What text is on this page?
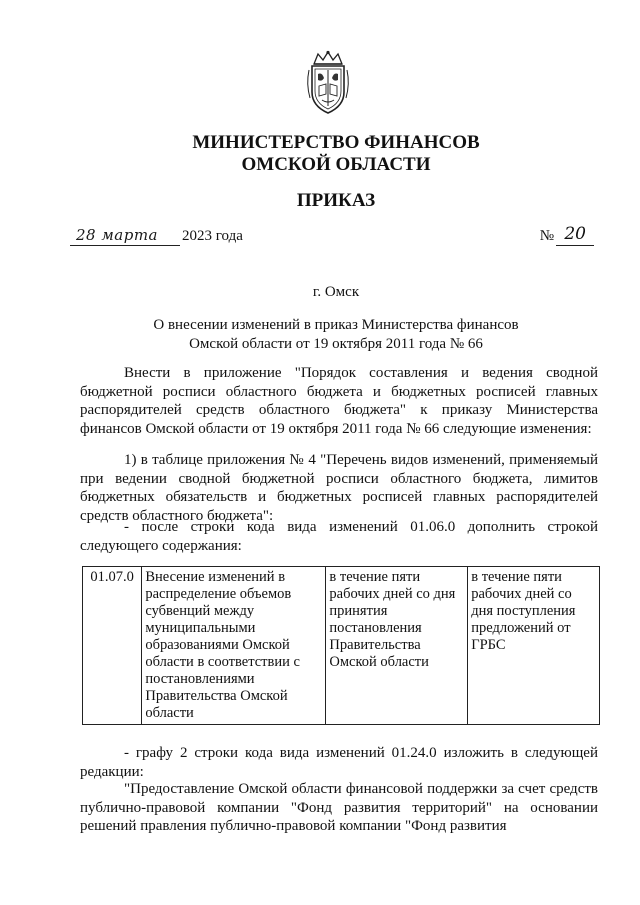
МИНИСТЕРСТВО ФИНАНСОВ
ОМСКОЙ ОБЛАСТИ
ПРИКАЗ
28 марта 2023 года	№ 20
г. Омск
О внесении изменений в приказ Министерства финансов
Омской области от 19 октября 2011 года № 66

Внести в приложение "Порядок составления и ведения сводной бюджетной росписи областного бюджета и бюджетных росписей главных распорядителей средств областного бюджета" к приказу Министерства финансов Омской области от 19 октября 2011 года № 66 следующие изменения:

1) в таблице приложения № 4 "Перечень видов изменений, применяемый при ведении сводной бюджетной росписи областного бюджета, лимитов бюджетных обязательств и бюджетных росписей главных распорядителей средств областного бюджета":

- после строки кода вида изменений 01.06.0 дополнить строкой следующего содержания:

01.07.0	Внесение изменений в распределение объемов субвенций между муниципальными образованиями Омской области в соответствии с постановлениями Правительства Омской области	в течение пяти рабочих дней со дня принятия постановления Правительства Омской области	в течение пяти рабочих дней со дня поступления предложений от ГРБС

- графу 2 строки кода вида изменений 01.24.0 изложить в следующей редакции:

"Предоставление Омской области финансовой поддержки за счет средств публично-правовой компании "Фонд развития территорий" на основании решений правления публично-правовой компании "Фонд развития
